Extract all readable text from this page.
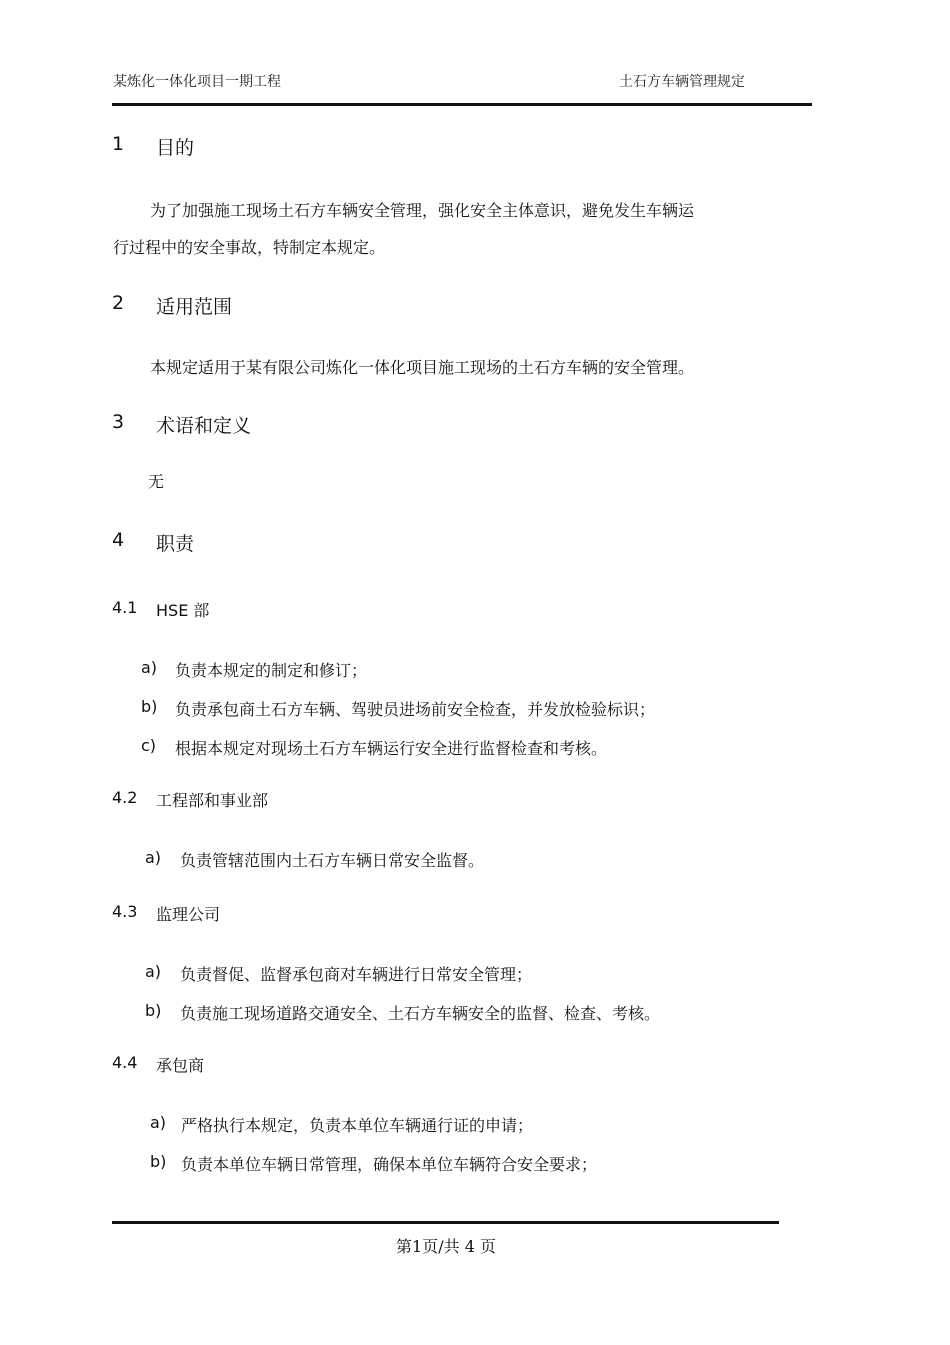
某炼化一体化项目一期工程	土石方车辆管理规定
1 目的
为了加强施工现场土石方车辆安全管理，强化安全主体意识，避免发生车辆运
行过程中的安全事故，特制定本规定。
2 适用范围
本规定适用于某有限公司炼化一体化项目施工现场的土石方车辆的安全管理。
3 术语和定义
无
4 职责
4.1 HSE 部
a) 负责本规定的制定和修订；
b) 负责承包商土石方车辆、驾驶员进场前安全检查，并发放检验标识；
c) 根据本规定对现场土石方车辆运行安全进行监督检查和考核。
4.2 工程部和事业部
a) 负责管辖范围内土石方车辆日常安全监督。
4.3 监理公司
a) 负责督促、监督承包商对车辆进行日常安全管理；
b) 负责施工现场道路交通安全、土石方车辆安全的监督、检查、考核。
4.4 承包商
a) 严格执行本规定，负责本单位车辆通行证的申请；
b) 负责本单位车辆日常管理，确保本单位车辆符合安全要求；
第1页/共 4 页
